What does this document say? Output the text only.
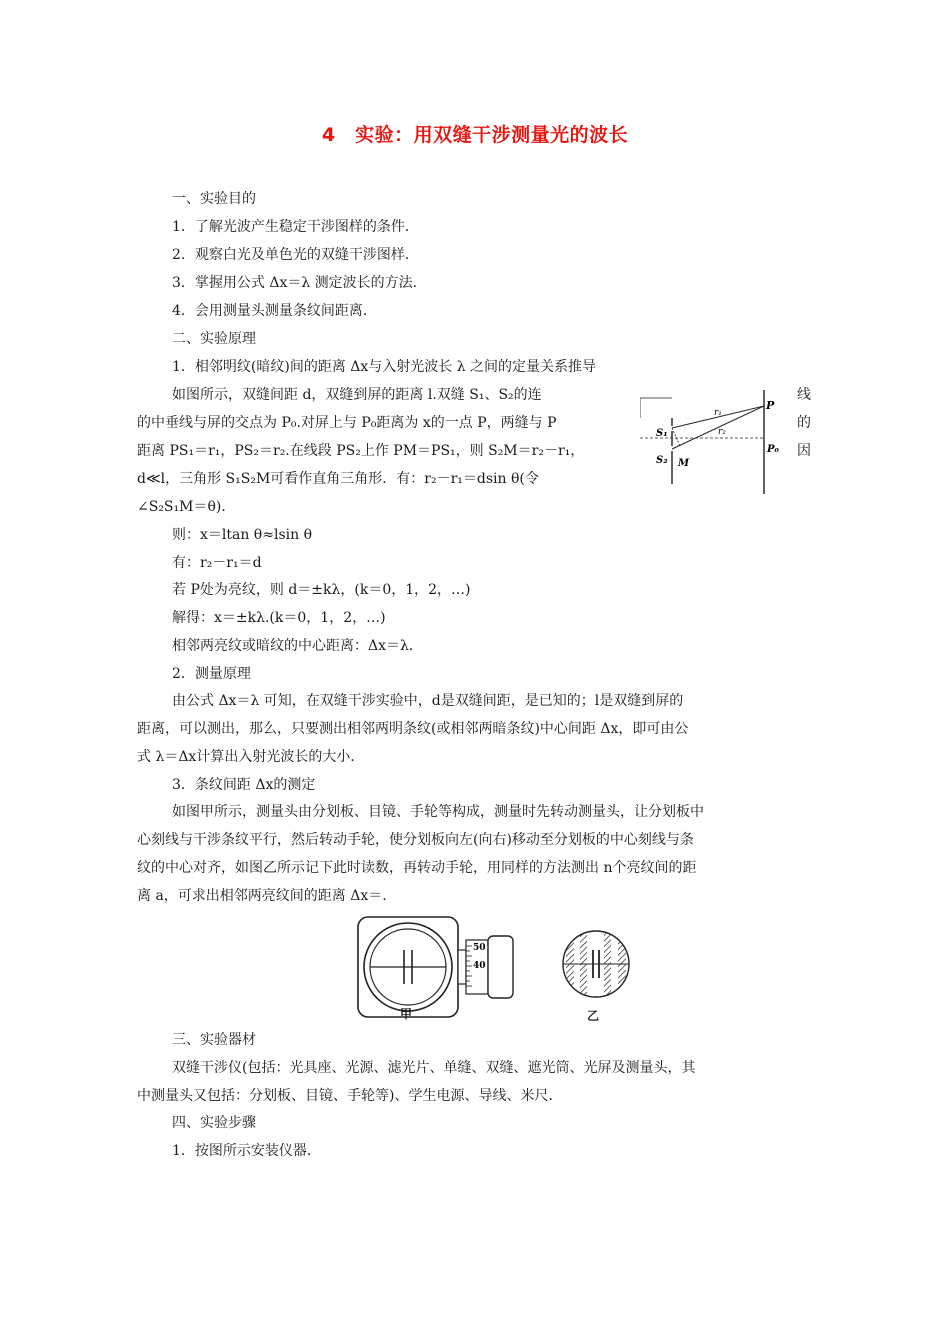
4　实验：用双缝干涉测量光的波长
一、实验目的
1．了解光波产生稳定干涉图样的条件．
2．观察白光及单色光的双缝干涉图样．
3．掌握用公式 Δx＝λ 测定波长的方法．
4．会用测量头测量条纹间距离．
二、实验原理
1．相邻明纹(暗纹)间的距离 Δx与入射光波长 λ 之间的定量关系推导
如图所示，双缝间距 d，双缝到屏的距离 l.双缝 S₁、S₂的连
的中垂线与屏的交点为 P₀.对屏上与 P₀距离为 x的一点 P，两缝与 P
距离 PS₁＝r₁，PS₂＝r₂.在线段 PS₂上作 PM＝PS₁，则 S₂M＝r₂－r₁，
d≪l，三角形 S₁S₂M可看作直角三角形．有：r₂－r₁＝dsin θ(令
∠S₂S₁M＝θ)．
线
的
因
P
P₀
S₁
S₂ M
r₁
r₂
则：x＝ltan θ≈lsin θ
有：r₂－r₁＝d
若 P处为亮纹，则 d＝±kλ，(k＝0，1，2，…)
解得：x＝±kλ.(k＝0，1，2，…)
相邻两亮纹或暗纹的中心距离：Δx＝λ.
2．测量原理
由公式 Δx＝λ 可知，在双缝干涉实验中，d是双缝间距，是已知的；l是双缝到屏的
距离，可以测出，那么，只要测出相邻两明条纹(或相邻两暗条纹)中心间距 Δx，即可由公
式 λ＝Δx计算出入射光波长的大小．
3．条纹间距 Δx的测定
如图甲所示，测量头由分划板、目镜、手轮等构成，测量时先转动测量头，让分划板中
心刻线与干涉条纹平行，然后转动手轮，使分划板向左(向右)移动至分划板的中心刻线与条
纹的中心对齐，如图乙所示记下此时读数，再转动手轮，用同样的方法测出 n个亮纹间的距
离 a，可求出相邻两亮纹间的距离 Δx＝.
50
40
甲	乙
三、实验器材
双缝干涉仪(包括：光具座、光源、滤光片、单缝、双缝、遮光筒、光屏及测量头，其
中测量头又包括：分划板、目镜、手轮等)、学生电源、导线、米尺．
四、实验步骤
1．按图所示安装仪器．
